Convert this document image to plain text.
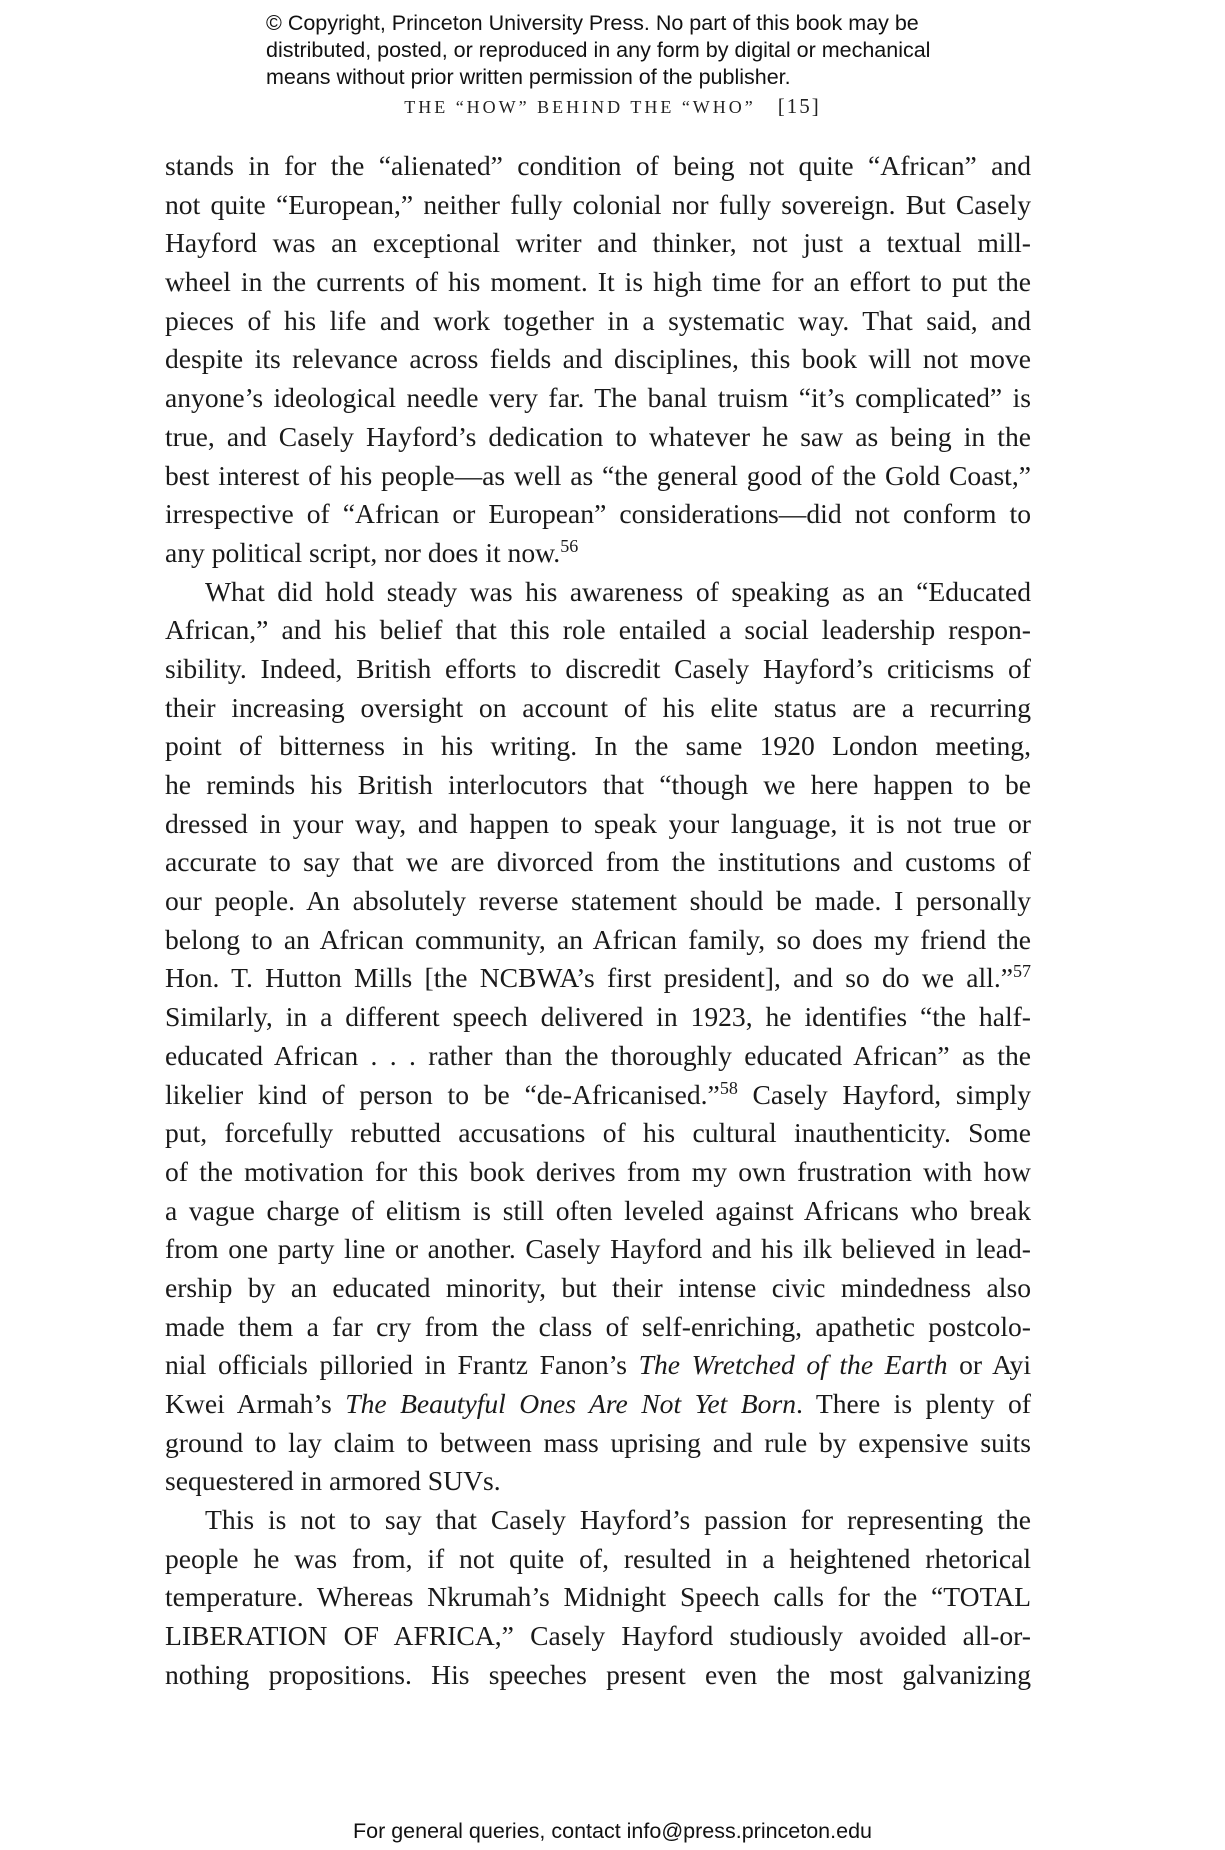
© Copyright, Princeton University Press. No part of this book may be
distributed, posted, or reproduced in any form by digital or mechanical
means without prior written permission of the publisher.
THE “HOW” BEHIND THE “WHO” [15]
stands in for the “alienated” condition of being not quite “African” and
not quite “European,” neither fully colonial nor fully sovereign. But Casely
Hayford was an exceptional writer and thinker, not just a textual mill-
wheel in the currents of his moment. It is high time for an effort to put the
pieces of his life and work together in a systematic way. That said, and
despite its relevance across fields and disciplines, this book will not move
anyone’s ideological needle very far. The banal truism “it’s complicated” is
true, and Casely Hayford’s dedication to whatever he saw as being in the
best interest of his people—as well as “the general good of the Gold Coast,”
irrespective of “African or European” considerations—did not conform to
any political script, nor does it now.$^{56}$
What did hold steady was his awareness of speaking as an “Educated
African,” and his belief that this role entailed a social leadership respon-
sibility. Indeed, British efforts to discredit Casely Hayford’s criticisms of
their increasing oversight on account of his elite status are a recurring
point of bitterness in his writing. In the same 1920 London meeting,
he reminds his British interlocutors that “though we here happen to be
dressed in your way, and happen to speak your language, it is not true or
accurate to say that we are divorced from the institutions and customs of
our people. An absolutely reverse statement should be made. I personally
belong to an African community, an African family, so does my friend the
Hon. T. Hutton Mills [the NCBWA’s first president], and so do we all.”$^{57}$
Similarly, in a different speech delivered in 1923, he identifies “the half-
educated African . . . rather than the thoroughly educated African” as the
likelier kind of person to be “de-Africanised.”$^{58}$ Casely Hayford, simply
put, forcefully rebutted accusations of his cultural inauthenticity. Some
of the motivation for this book derives from my own frustration with how
a vague charge of elitism is still often leveled against Africans who break
from one party line or another. Casely Hayford and his ilk believed in lead-
ership by an educated minority, but their intense civic mindedness also
made them a far cry from the class of self-enriching, apathetic postcolo-
nial officials pilloried in Frantz Fanon’s The Wretched of the Earth or Ayi
Kwei Armah’s The Beautyful Ones Are Not Yet Born. There is plenty of
ground to lay claim to between mass uprising and rule by expensive suits
sequestered in armored SUVs.
This is not to say that Casely Hayford’s passion for representing the
people he was from, if not quite of, resulted in a heightened rhetorical
temperature. Whereas Nkrumah’s Midnight Speech calls for the “TOTAL
LIBERATION OF AFRICA,” Casely Hayford studiously avoided all-or-
nothing propositions. His speeches present even the most galvanizing
For general queries, contact info@press.princeton.edu
